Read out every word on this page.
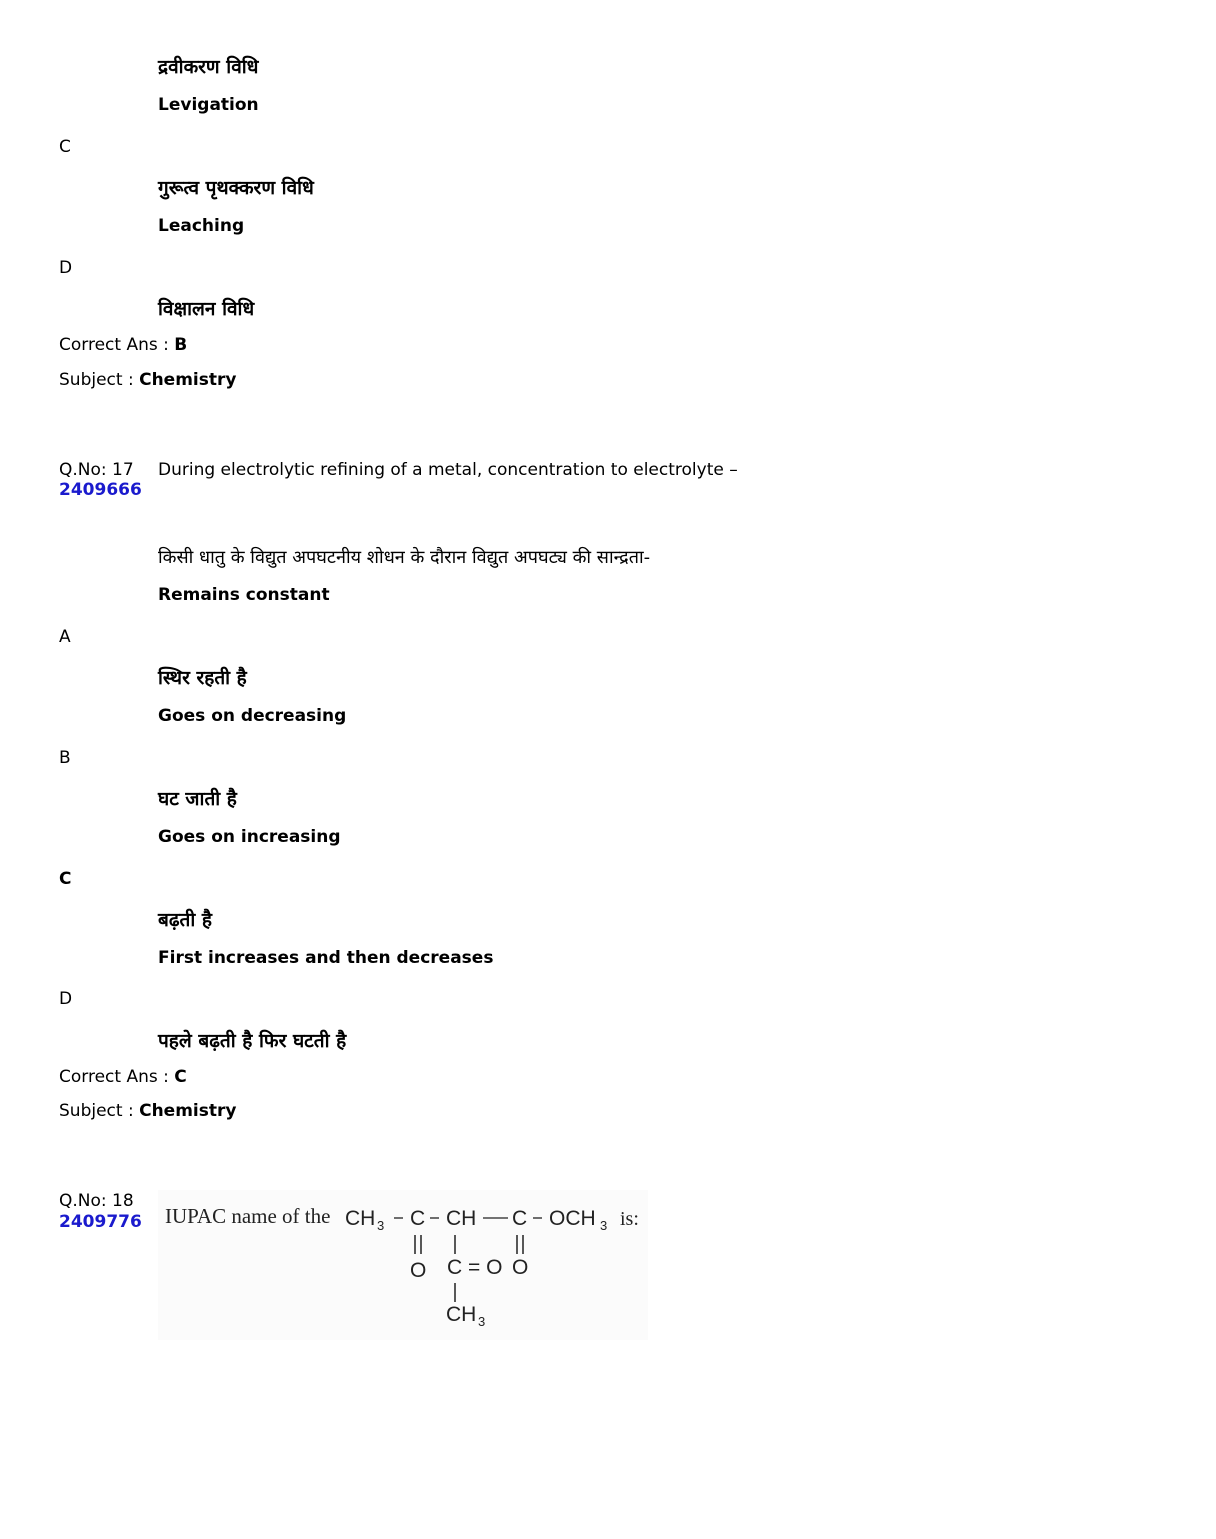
द्रवीकरण विधि
Levigation
C
गुरूत्व पृथक्करण विधि
Leaching
D
विक्षालन विधि
Correct Ans : B
Subject : Chemistry
Q.No: 17
2409666
During electrolytic refining of a metal, concentration to electrolyte –
किसी धातु के विद्युत अपघटनीय शोधन के दौरान विद्युत अपघट्य की सान्द्रता-
Remains constant
A
स्थिर रहती है
Goes on decreasing
B
घट जाती है
Goes on increasing
C
बढ़ती है
First increases and then decreases
D
पहले बढ़ती है फिर घटती है
Correct Ans : C
Subject : Chemistry
Q.No: 18
2409776 IUPAC name of the CH 3 C CH C OCH 3 is:
O C = O O
CH 3
